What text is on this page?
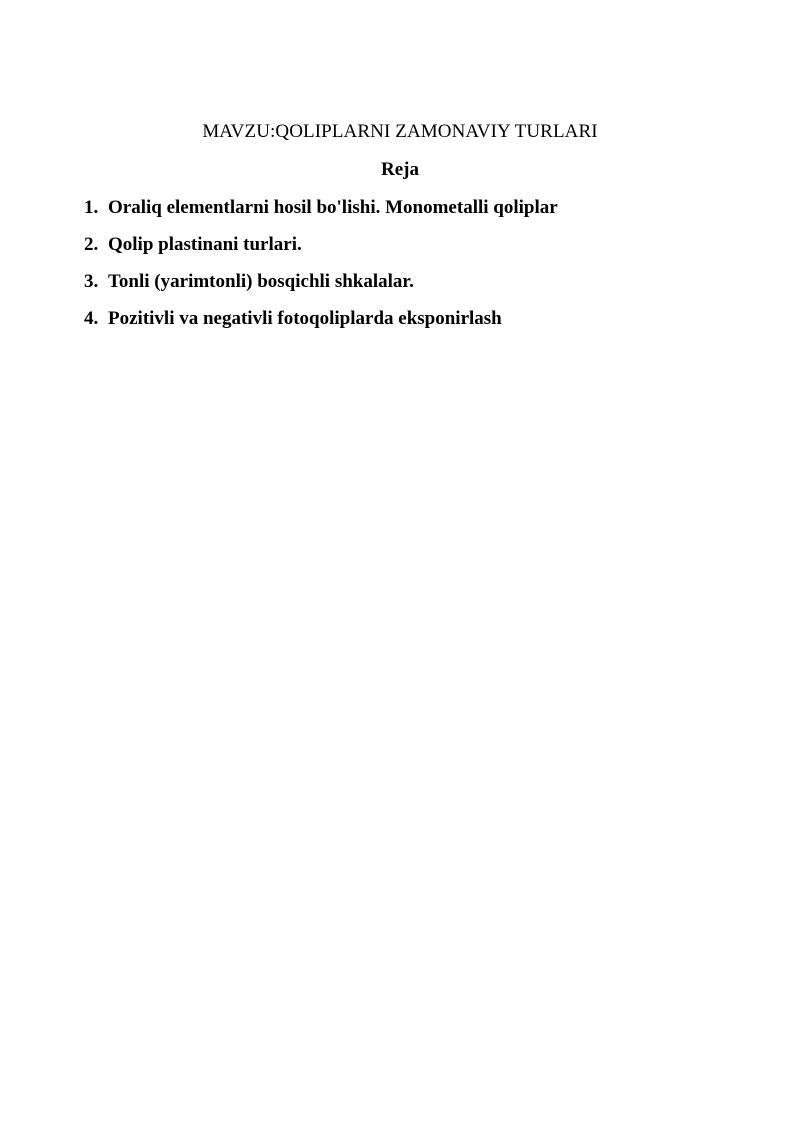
MAVZU:QOLIPLARNI ZAMONAVIY TURLARI
Reja
1. Oraliq elementlarni hosil bo'lishi. Monometalli qoliplar
2. Qolip plastinani turlari.
3. Tonli (yarimtonli) bosqichli shkalalar.
4. Pozitivli va negativli fotoqoliplarda eksponirlash
